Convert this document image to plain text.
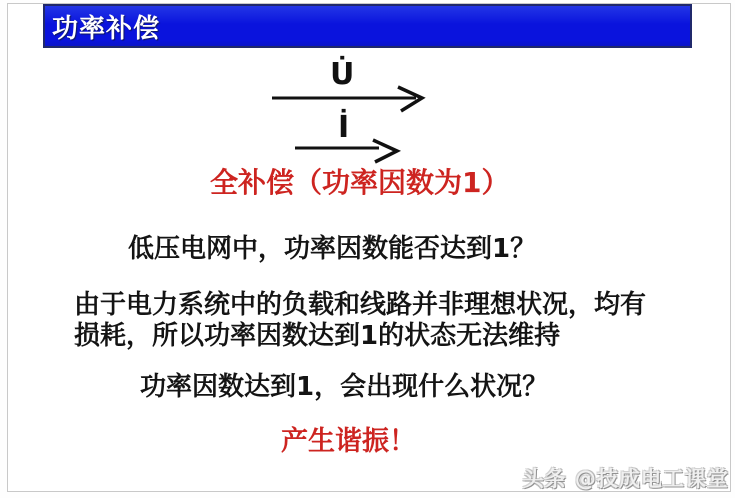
功率补偿
U̇
İ
全补偿（功率因数为1）
低压电网中，功率因数能否达到1？
由于电力系统中的负载和线路并非理想状况，均有
损耗，所以功率因数达到1的状态无法维持
功率因数达到1，会出现什么状况？
产生谐振！
头条 @技成电工课堂
